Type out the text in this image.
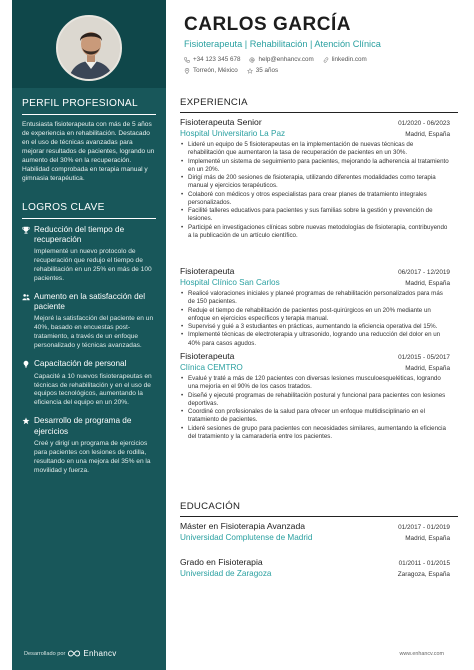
PERFIL PROFESIONAL
Entusiasta fisioterapeuta con más de 5 años de experiencia en rehabilitación. Destacado en el uso de técnicas avanzadas para mejorar resultados de pacientes, logrando un aumento del 30% en la recuperación. Habilidad comprobada en terapia manual y gimnasia terapéutica.
LOGROS CLAVE
Reducción del tiempo de recuperación
Implementé un nuevo protocolo de recuperación que redujo el tiempo de rehabilitación en un 25% en más de 100 pacientes.
Aumento en la satisfacción del paciente
Mejoré la satisfacción del paciente en un 40%, basado en encuestas post-tratamiento, a través de un enfoque personalizado y técnicas avanzadas.
Capacitación de personal
Capacité a 10 nuevos fisioterapeutas en técnicas de rehabilitación y en el uso de equipos tecnológicos, aumentando la eficiencia del equipo en un 20%.
Desarrollo de programa de ejercicios
Creé y dirigí un programa de ejercicios para pacientes con lesiones de rodilla, resultando en una mejora del 35% en la movilidad y fuerza.
Desarrollado por Enhancv
CARLOS GARCÍA
Fisioterapeuta | Rehabilitación | Atención Clínica
+34 123 345 678	help@enhancv.com	linkedin.com
Torreón, México	35 años
EXPERIENCIA
Fisioterapeuta Senior	01/2020 - 06/2023
Hospital Universitario La Paz	Madrid, España
• Lideré un equipo de 5 fisioterapeutas en la implementación de nuevas técnicas de rehabilitación que aumentaron la tasa de recuperación de pacientes en un 30%.
• Implementé un sistema de seguimiento para pacientes, mejorando la adherencia al tratamiento en un 20%.
• Dirigí más de 200 sesiones de fisioterapia, utilizando diferentes modalidades como terapia manual y ejercicios terapéuticos.
• Colaboré con médicos y otros especialistas para crear planes de tratamiento integrales personalizados.
• Facilité talleres educativos para pacientes y sus familias sobre la gestión y prevención de lesiones.
• Participé en investigaciones clínicas sobre nuevas metodologías de fisioterapia, contribuyendo a la publicación de un artículo científico.
Fisioterapeuta	06/2017 - 12/2019
Hospital Clínico San Carlos	Madrid, España
• Realicé valoraciones iniciales y planeé programas de rehabilitación personalizados para más de 150 pacientes.
• Reduje el tiempo de rehabilitación de pacientes post-quirúrgicos en un 20% mediante un enfoque en ejercicios específicos y terapia manual.
• Supervisé y guié a 3 estudiantes en prácticas, aumentando la eficiencia operativa del 15%.
• Implementé técnicas de electroterapia y ultrasonido, logrando una reducción del dolor en un 40% para casos agudos.
Fisioterapeuta	01/2015 - 05/2017
Clínica CEMTRO	Madrid, España
• Evalué y traté a más de 120 pacientes con diversas lesiones musculoesqueléticas, logrando una mejoría en el 90% de los casos tratados.
• Diseñé y ejecuté programas de rehabilitación postural y funcional para pacientes con lesiones deportivas.
• Coordiné con profesionales de la salud para ofrecer un enfoque multidisciplinario en el tratamiento de pacientes.
• Lideré sesiones de grupo para pacientes con necesidades similares, aumentando la eficiencia del tratamiento y la camaradería entre los pacientes.
EDUCACIÓN
Máster en Fisioterapia Avanzada	01/2017 - 01/2019
Universidad Complutense de Madrid	Madrid, España
Grado en Fisioterapia	01/2011 - 01/2015
Universidad de Zaragoza	Zaragoza, España
www.enhancv.com
